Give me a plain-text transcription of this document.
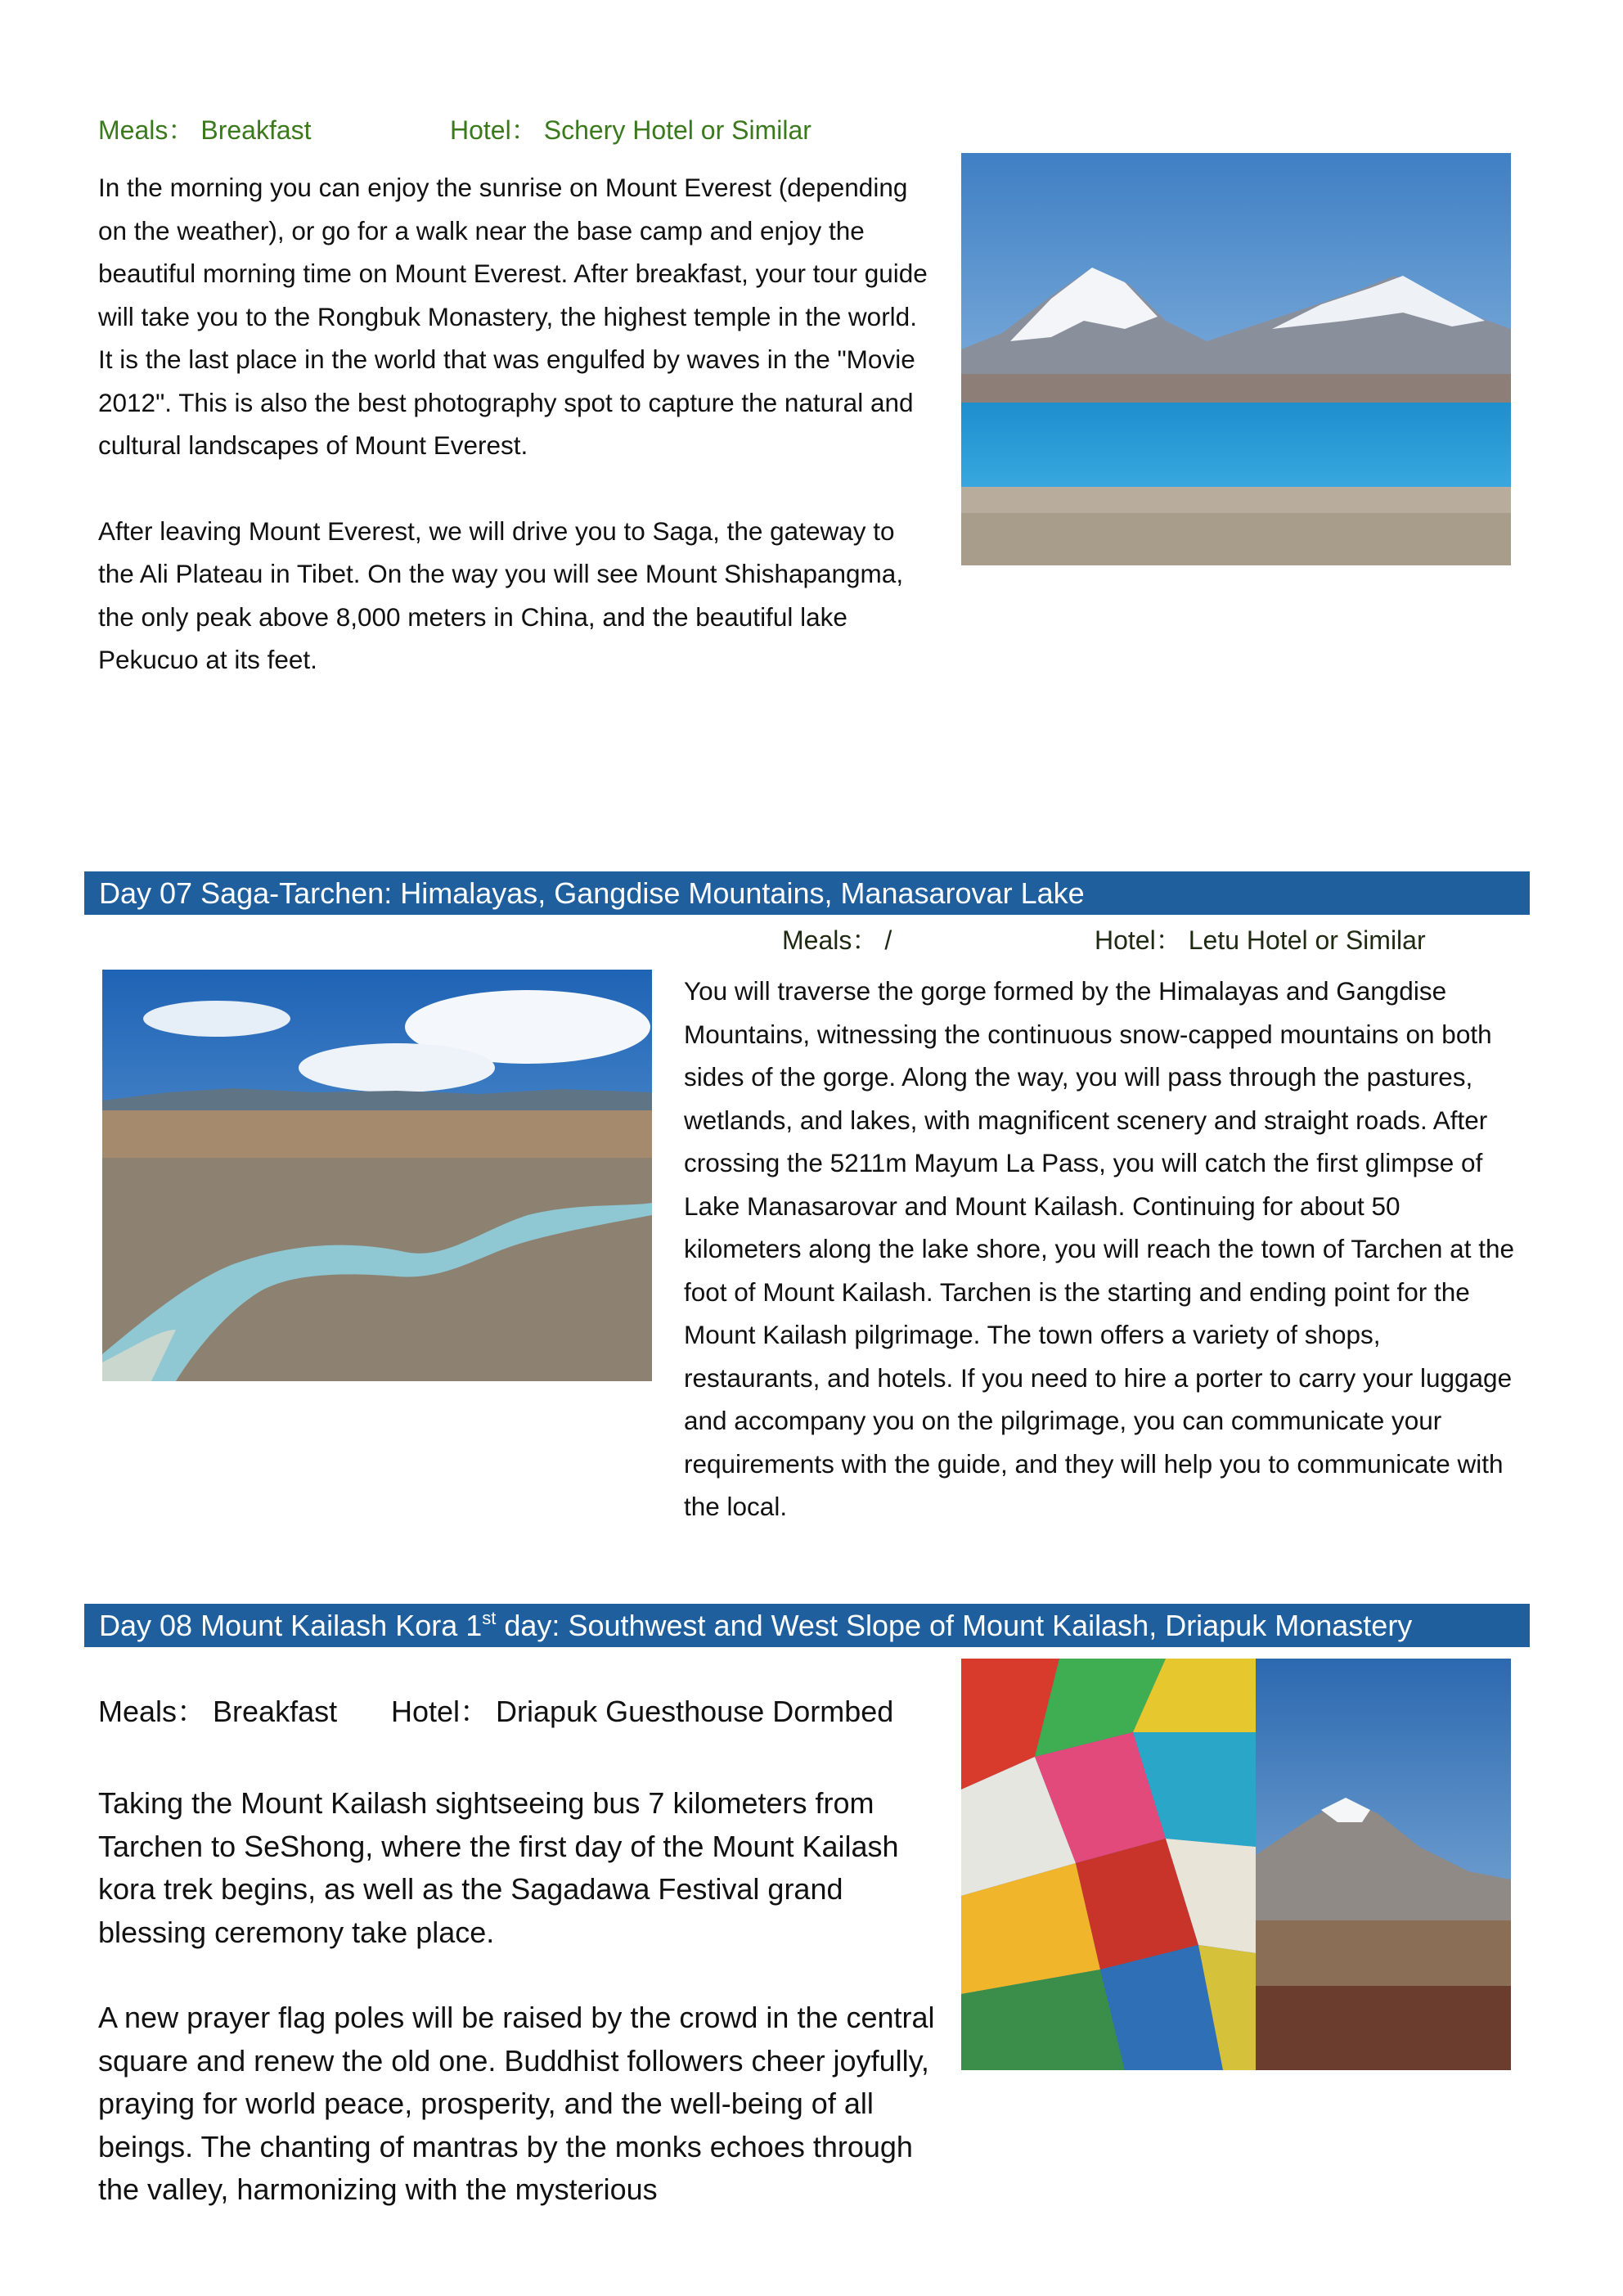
Meals： Breakfast	Hotel： Schery Hotel or Similar

In the morning you can enjoy the sunrise on Mount Everest (depending on the weather), or go for a walk near the base camp and enjoy the beautiful morning time on Mount Everest. After breakfast, your tour guide will take you to the Rongbuk Monastery, the highest temple in the world. It is the last place in the world that was engulfed by waves in the "Movie 2012". This is also the best photography spot to capture the natural and cultural landscapes of Mount Everest.

After leaving Mount Everest, we will drive you to Saga, the gateway to the Ali Plateau in Tibet. On the way you will see Mount Shishapangma, the only peak above 8,000 meters in China, and the beautiful lake Pekucuo at its feet.

Day 07 Saga-Tarchen: Himalayas, Gangdise Mountains, Manasarovar Lake
Meals： /	Hotel： Letu Hotel or Similar

You will traverse the gorge formed by the Himalayas and Gangdise Mountains, witnessing the continuous snow-capped mountains on both sides of the gorge. Along the way, you will pass through the pastures, wetlands, and lakes, with magnificent scenery and straight roads. After crossing the 5211m Mayum La Pass, you will catch the first glimpse of Lake Manasarovar and Mount Kailash. Continuing for about 50 kilometers along the lake shore, you will reach the town of Tarchen at the foot of Mount Kailash. Tarchen is the starting and ending point for the Mount Kailash pilgrimage. The town offers a variety of shops, restaurants, and hotels. If you need to hire a porter to carry your luggage and accompany you on the pilgrimage, you can communicate your requirements with the guide, and they will help you to communicate with the local.

Day 08 Mount Kailash Kora 1st day: Southwest and West Slope of Mount Kailash, Driapuk Monastery
Meals： Breakfast Hotel： Driapuk Guesthouse Dormbed

Taking the Mount Kailash sightseeing bus 7 kilometers from Tarchen to SeShong, where the first day of the Mount Kailash kora trek begins, as well as the Sagadawa Festival grand blessing ceremony take place.

A new prayer flag poles will be raised by the crowd in the central square and renew the old one. Buddhist followers cheer joyfully, praying for world peace, prosperity, and the well-being of all beings. The chanting of mantras by the monks echoes through the valley, harmonizing with the mysterious
